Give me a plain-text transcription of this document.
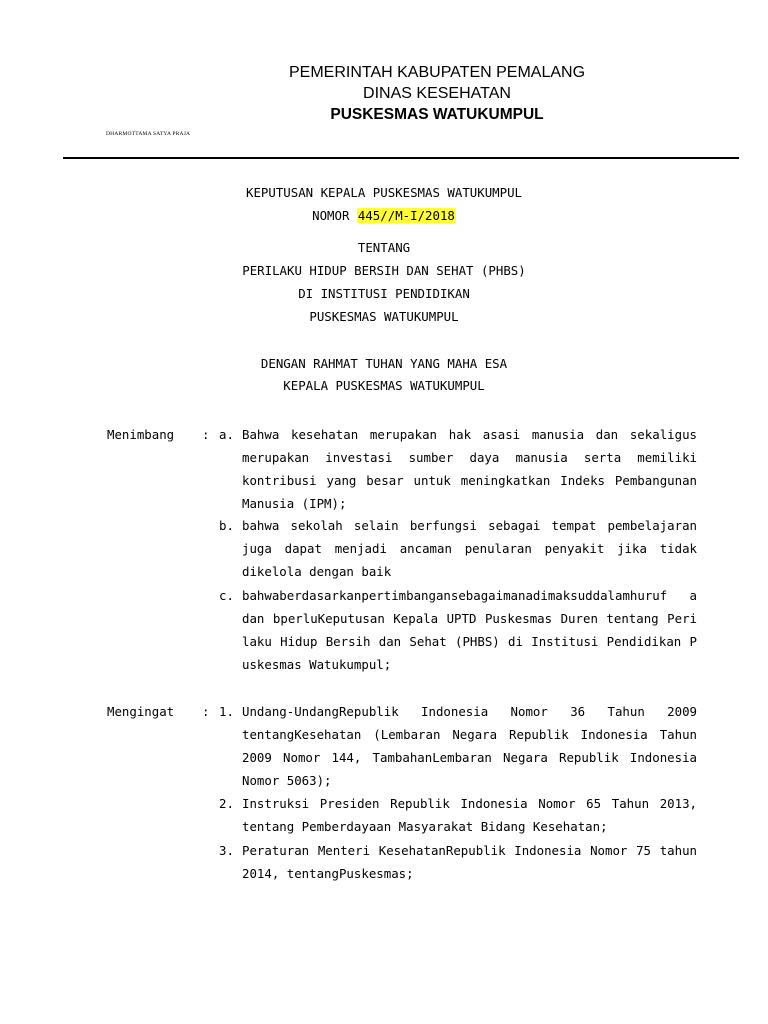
PEMERINTAH KABUPATEN PEMALANG
DINAS KESEHATAN
PUSKESMAS WATUKUMPUL
DHARMOTTAMA SATYA PRAJA
KEPUTUSAN KEPALA PUSKESMAS WATUKUMPUL
NOMOR 445//M-I/2018
TENTANG
PERILAKU HIDUP BERSIH DAN SEHAT (PHBS)
DI INSTITUSI PENDIDIKAN
PUSKESMAS WATUKUMPUL
DENGAN RAHMAT TUHAN YANG MAHA ESA
KEPALA PUSKESMAS WATUKUMPUL
Menimbang	: a. Bahwa kesehatan merupakan hak asasi manusia dan sekaligus merupakan investasi sumber daya manusia serta memiliki kontribusi yang besar untuk meningkatkan Indeks Pembangunan Manusia (IPM);
b. bahwa sekolah selain berfungsi sebagai tempat pembelajaran juga dapat menjadi ancaman penularan penyakit jika tidak dikelola dengan baik
c. bahwaberdasarkanpertimbangansebagaimanadimaksuddalamhuruf a dan bperluKeputusan Kepala UPTD Puskesmas Duren tentang Perilaku Hidup Bersih dan Sehat (PHBS) di Institusi Pendidikan Puskesmas Watukumpul;
Mengingat	: 1. Undang-UndangRepublik Indonesia Nomor 36 Tahun 2009 tentangKesehatan (Lembaran Negara Republik Indonesia Tahun 2009 Nomor 144, TambahanLembaran Negara Republik Indonesia Nomor 5063);
2. Instruksi Presiden Republik Indonesia Nomor 65 Tahun 2013, tentang Pemberdayaan Masyarakat Bidang Kesehatan;
3. Peraturan Menteri KesehatanRepublik Indonesia Nomor 75 tahun 2014, tentangPuskesmas;
